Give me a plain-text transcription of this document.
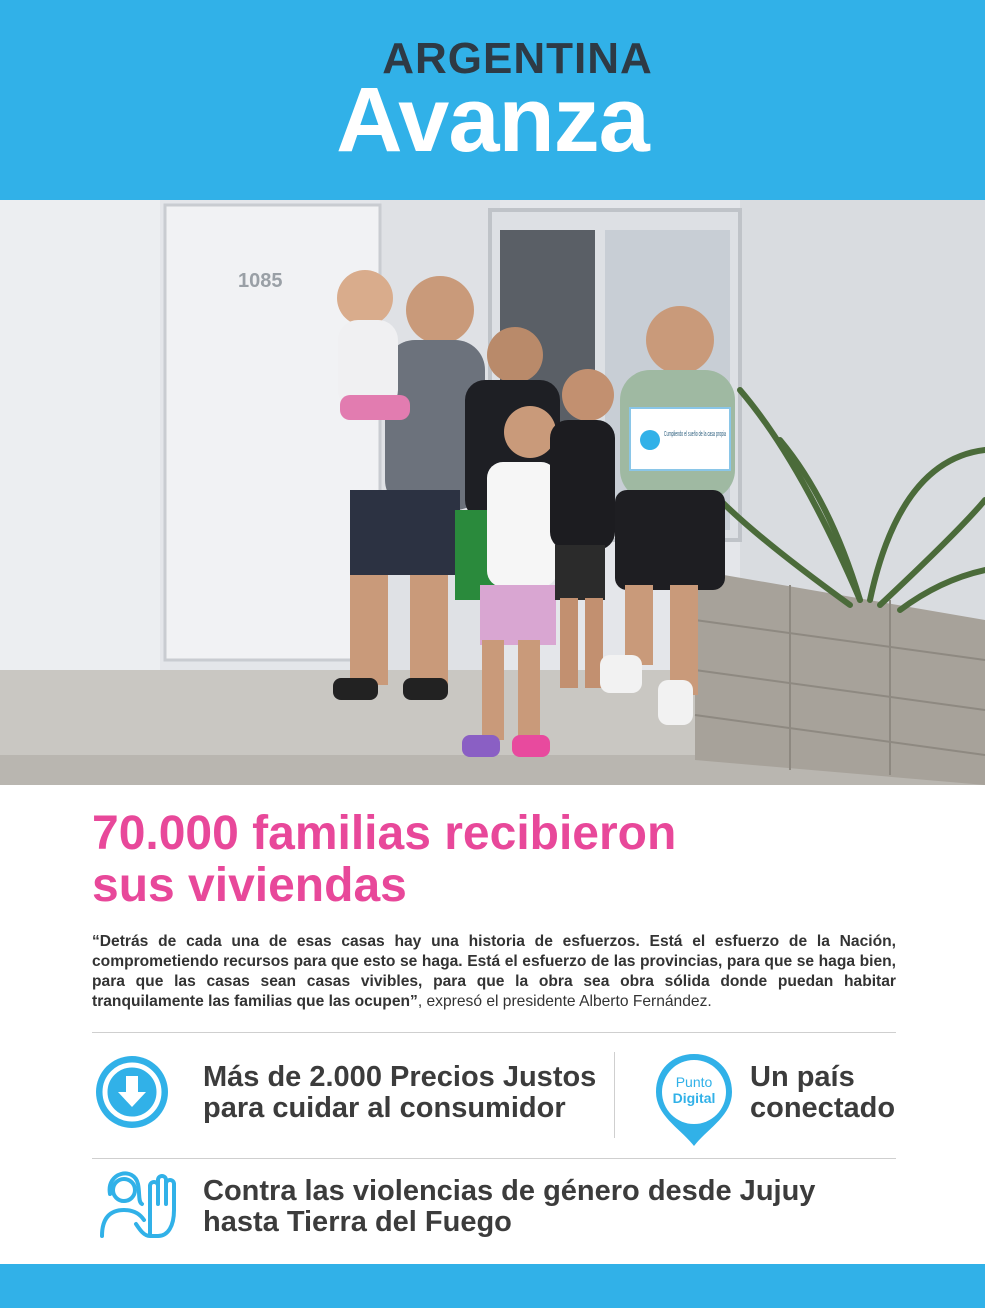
ARGENTINA
Avanza
1085
Cumpliendo el sueño de la casa propia
70.000 familias recibieron
sus viviendas
“Detrás de cada una de esas casas hay una historia de esfuerzos. Está el esfuerzo de la Nación, comprometiendo recursos para que esto se haga. Está el esfuerzo de las provincias, para que se haga bien, para que las casas sean casas vivibles, para que la obra sea obra sólida donde puedan habitar tranquilamente las familias que las ocupen”, expresó el presidente Alberto Fernández.
Más de 2.000 Precios Justos
para cuidar al consumidor
Punto
Digital
Un país
conectado
Contra las violencias de género desde Jujuy
hasta Tierra del Fuego
